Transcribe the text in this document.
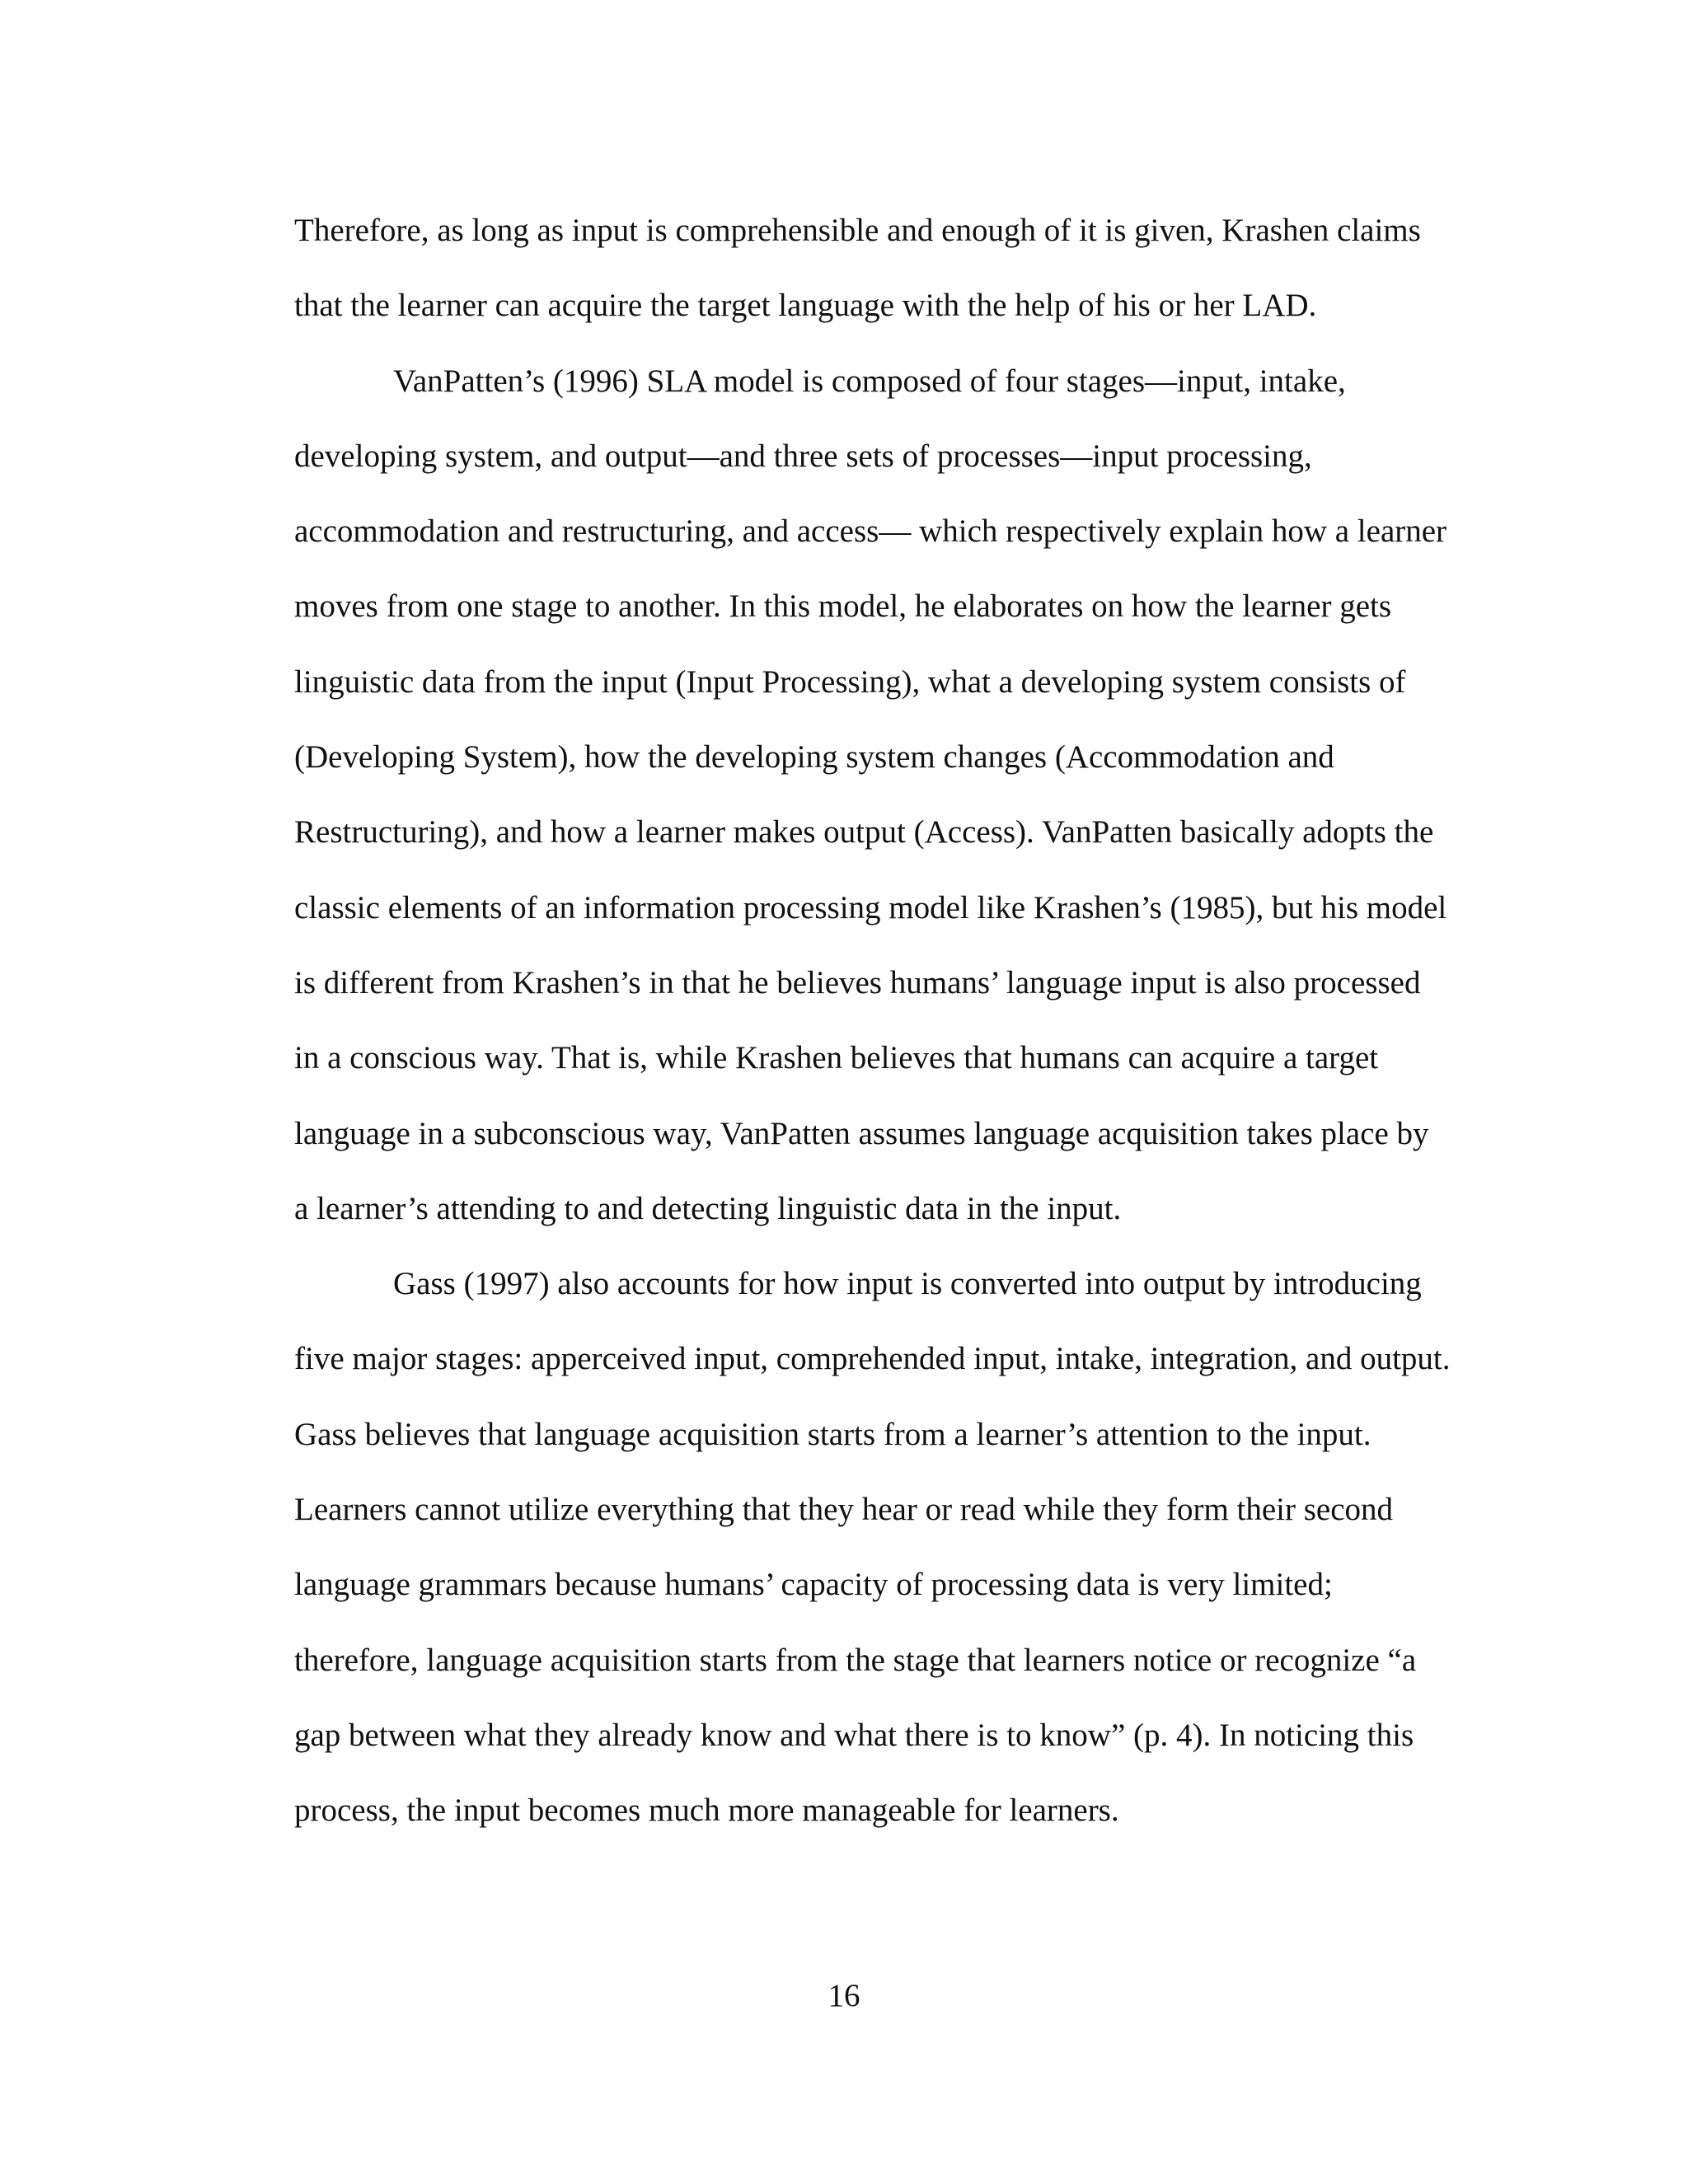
Therefore, as long as input is comprehensible and enough of it is given, Krashen claims
that the learner can acquire the target language with the help of his or her LAD.
VanPatten’s (1996) SLA model is composed of four stages—input, intake,
developing system, and output—and three sets of processes—input processing,
accommodation and restructuring, and access— which respectively explain how a learner
moves from one stage to another. In this model, he elaborates on how the learner gets
linguistic data from the input (Input Processing), what a developing system consists of
(Developing System), how the developing system changes (Accommodation and
Restructuring), and how a learner makes output (Access). VanPatten basically adopts the
classic elements of an information processing model like Krashen’s (1985), but his model
is different from Krashen’s in that he believes humans’ language input is also processed
in a conscious way. That is, while Krashen believes that humans can acquire a target
language in a subconscious way, VanPatten assumes language acquisition takes place by
a learner’s attending to and detecting linguistic data in the input.
Gass (1997) also accounts for how input is converted into output by introducing
five major stages: apperceived input, comprehended input, intake, integration, and output.
Gass believes that language acquisition starts from a learner’s attention to the input.
Learners cannot utilize everything that they hear or read while they form their second
language grammars because humans’ capacity of processing data is very limited;
therefore, language acquisition starts from the stage that learners notice or recognize “a
gap between what they already know and what there is to know” (p. 4). In noticing this
process, the input becomes much more manageable for learners.
16
